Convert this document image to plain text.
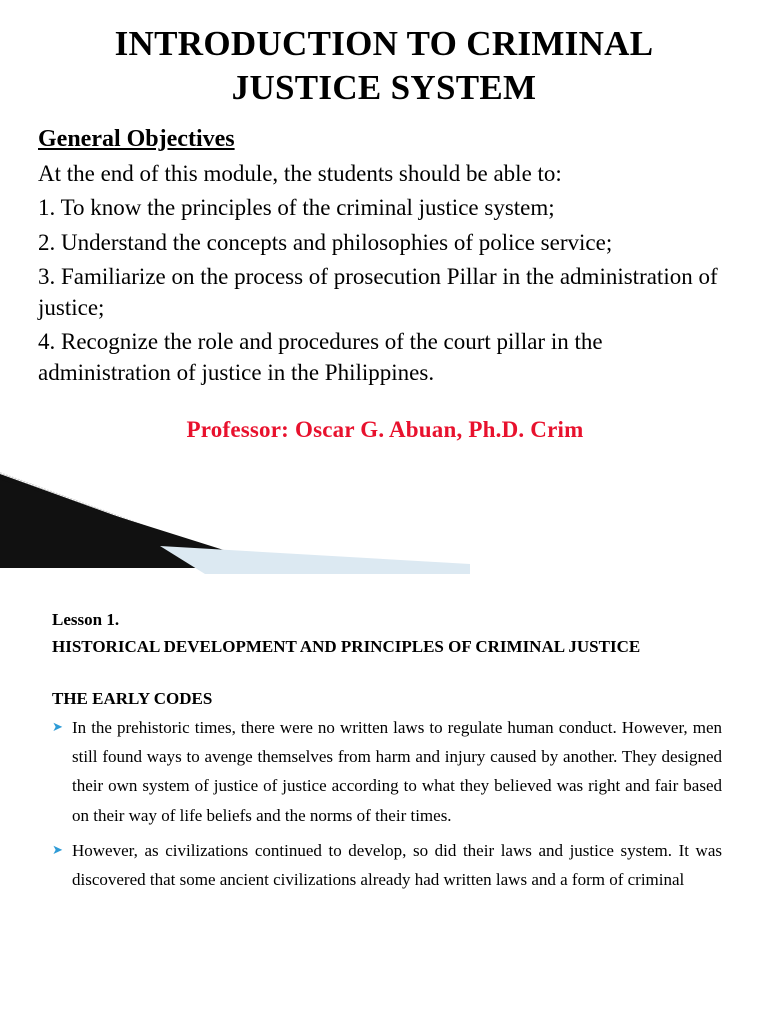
INTRODUCTION TO CRIMINAL JUSTICE SYSTEM
General Objectives
At the end of this module, the students should be able to:
1. To know the principles of the criminal justice system;
2. Understand the concepts and philosophies of police service;
3. Familiarize on the process of prosecution Pillar in the administration of justice;
4. Recognize the role and procedures of the court pillar in the administration of justice in the Philippines.
Professor: Oscar G. Abuan, Ph.D. Crim
Lesson 1.
HISTORICAL DEVELOPMENT AND PRINCIPLES OF CRIMINAL JUSTICE
THE EARLY CODES
➤ In the prehistoric times, there were no written laws to regulate human conduct. However, men still found ways to avenge themselves from harm and injury caused by another. They designed their own system of justice of justice according to what they believed was right and fair based on their way of life beliefs and the norms of their times.
➤ However, as civilizations continued to develop, so did their laws and justice system. It was discovered that some ancient civilizations already had written laws and a form of criminal
